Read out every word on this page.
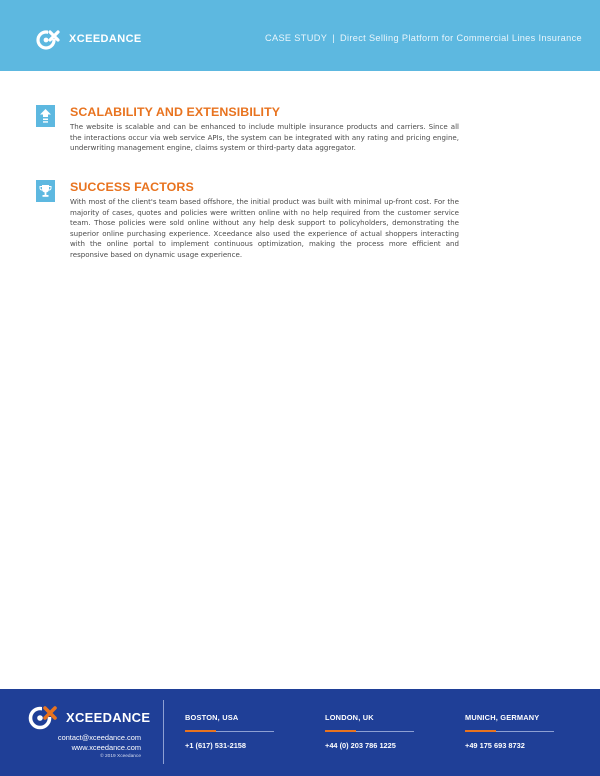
XCEEDANCE	CASE STUDY | Direct Selling Platform for Commercial Lines Insurance
SCALABILITY AND EXTENSIBILITY
The website is scalable and can be enhanced to include multiple insurance products and carriers. Since all the interactions occur via web service APIs, the system can be integrated with any rating and pricing engine, underwriting management engine, claims system or third-party data aggregator.
SUCCESS FACTORS
With most of the client's team based offshore, the initial product was built with minimal up-front cost. For the majority of cases, quotes and policies were written online with no help required from the customer service team. Those policies were sold online without any help desk support to policyholders, demonstrating the superior online purchasing experience. Xceedance also used the experience of actual shoppers interacting with the online portal to implement continuous optimization, making the process more efficient and responsive based on dynamic usage experience.
XCEEDANCE
contact@xceedance.com
www.xceedance.com
© 2019 Xceedance
BOSTON, USA
+1 (617) 531-2158
LONDON, UK
+44 (0) 203 786 1225
MUNICH, GERMANY
+49 175 693 8732
